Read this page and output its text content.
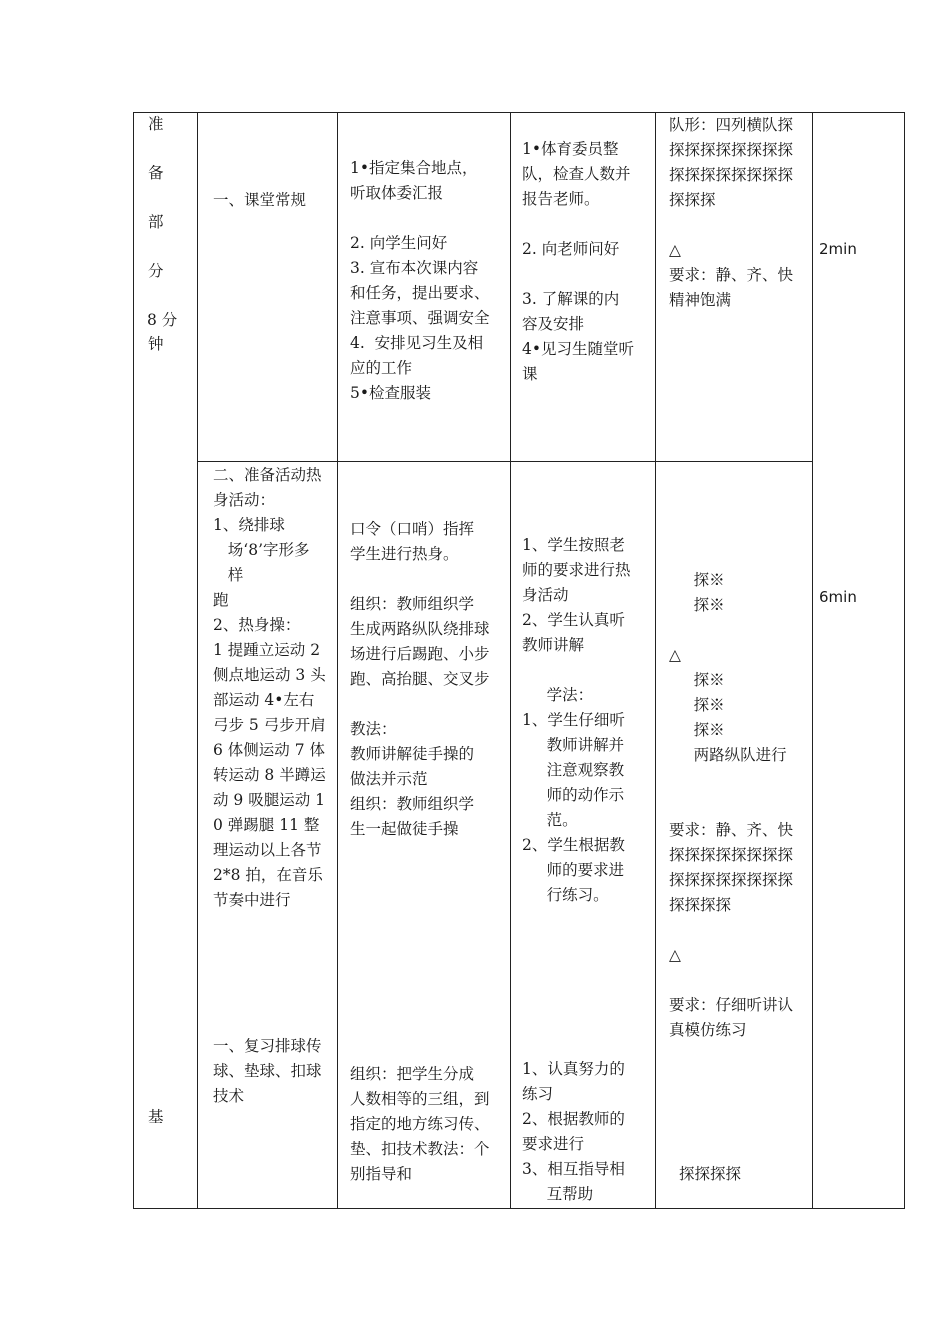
准
备
部
分
8 分
钟
基
一、课堂常规
1•指定集合地点，
听取体委汇报

2. 向学生问好
3. 宣布本次课内容
和任务，提出要求、
注意事项、强调安全
4.  安排见习生及相
应的工作
5•检查服装
1•体育委员整
队，检查人数并
报告老师。

2. 向老师问好

3. 了解课的内
容及安排
4•见习生随堂听
课
队形：四列横队探
探探探探探探探探
探探探探探探探探
探探探

△
要求：静、齐、快
精神饱满
2min
二、准备活动热
身活动：
1、绕排球
场‘8’字形多
样
跑
2、热身操：
1 提踵立运动 2
侧点地运动 3 头
部运动 4•左右
弓步 5 弓步开肩
6 体侧运动 7 体
转运动 8 半蹲运
动 9 吸腿运动 1
0 弹踢腿 11 整
理运动以上各节
2*8 拍，在音乐
节奏中进行
口令（口哨）指挥
学生进行热身。

组织：教师组织学
生成两路纵队绕排球
场进行后踢跑、小步
跑、高抬腿、交叉步

教法：
教师讲解徒手操的
做法并示范
组织：教师组织学
生一起做徒手操
1、学生按照老
师的要求进行热
身活动
2、学生认真听
教师讲解

学法：
1、学生仔细听
教师讲解并
注意观察教
师的动作示
范。
2、学生根据教
师的要求进
行练习。
探※
探※

△
探※
探※
探※
两路纵队进行

要求：静、齐、快
探探探探探探探探
探探探探探探探探
探探探探

△

要求：仔细听讲认
真模仿练习
6min
一、复习排球传
球、垫球、扣球
技术
组织：把学生分成
人数相等的三组，到
指定的地方练习传、
垫、扣技术教法：个
别指导和
1、认真努力的
练习
2、根据教师的
要求进行
3、相互指导相
互帮助
探探探探
